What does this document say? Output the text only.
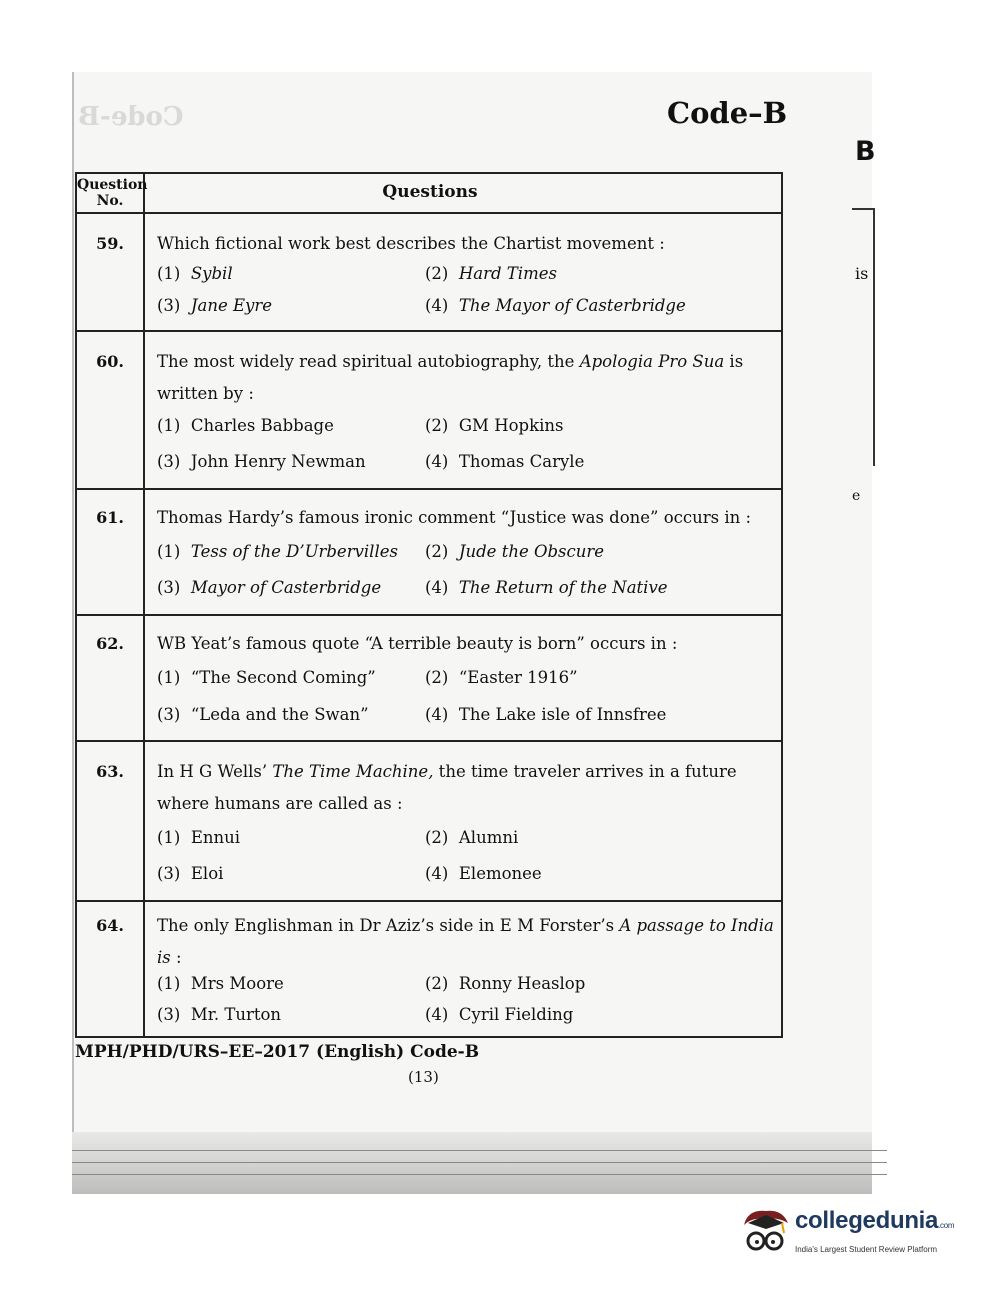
Code-B	Code–B
B
is
e
Question No.	Questions
59.	Which fictional work best describes the Chartist movement :
(1) Sybil	(2) Hard Times
(3) Jane Eyre	(4) The Mayor of Casterbridge
60.	The most widely read spiritual autobiography, the Apologia Pro Sua is written by :
(1) Charles Babbage	(2) GM Hopkins
(3) John Henry Newman	(4) Thomas Caryle
61.	Thomas Hardy’s famous ironic comment “Justice was done” occurs in :
(1) Tess of the D’Urbervilles (2) Jude the Obscure
(3) Mayor of Casterbridge	(4) The Return of the Native
62.	WB Yeat’s famous quote “A terrible beauty is born” occurs in :
(1) “The Second Coming”	(2) “Easter 1916”
(3) “Leda and the Swan”	(4) The Lake isle of Innsfree
63.	In H G Wells’ The Time Machine, the time traveler arrives in a future where humans are called as :
(1) Ennui	(2) Alumni
(3) Eloi	(4) Elemonee
64.	The only Englishman in Dr Aziz’s side in E M Forster’s A passage to India is :
(1) Mrs Moore	(2) Ronny Heaslop
(3) Mr. Turton	(4) Cyril Fielding
MPH/PHD/URS–EE–2017 (English) Code-B
(13)
collegedunia.com
India's Largest Student Review Platform
